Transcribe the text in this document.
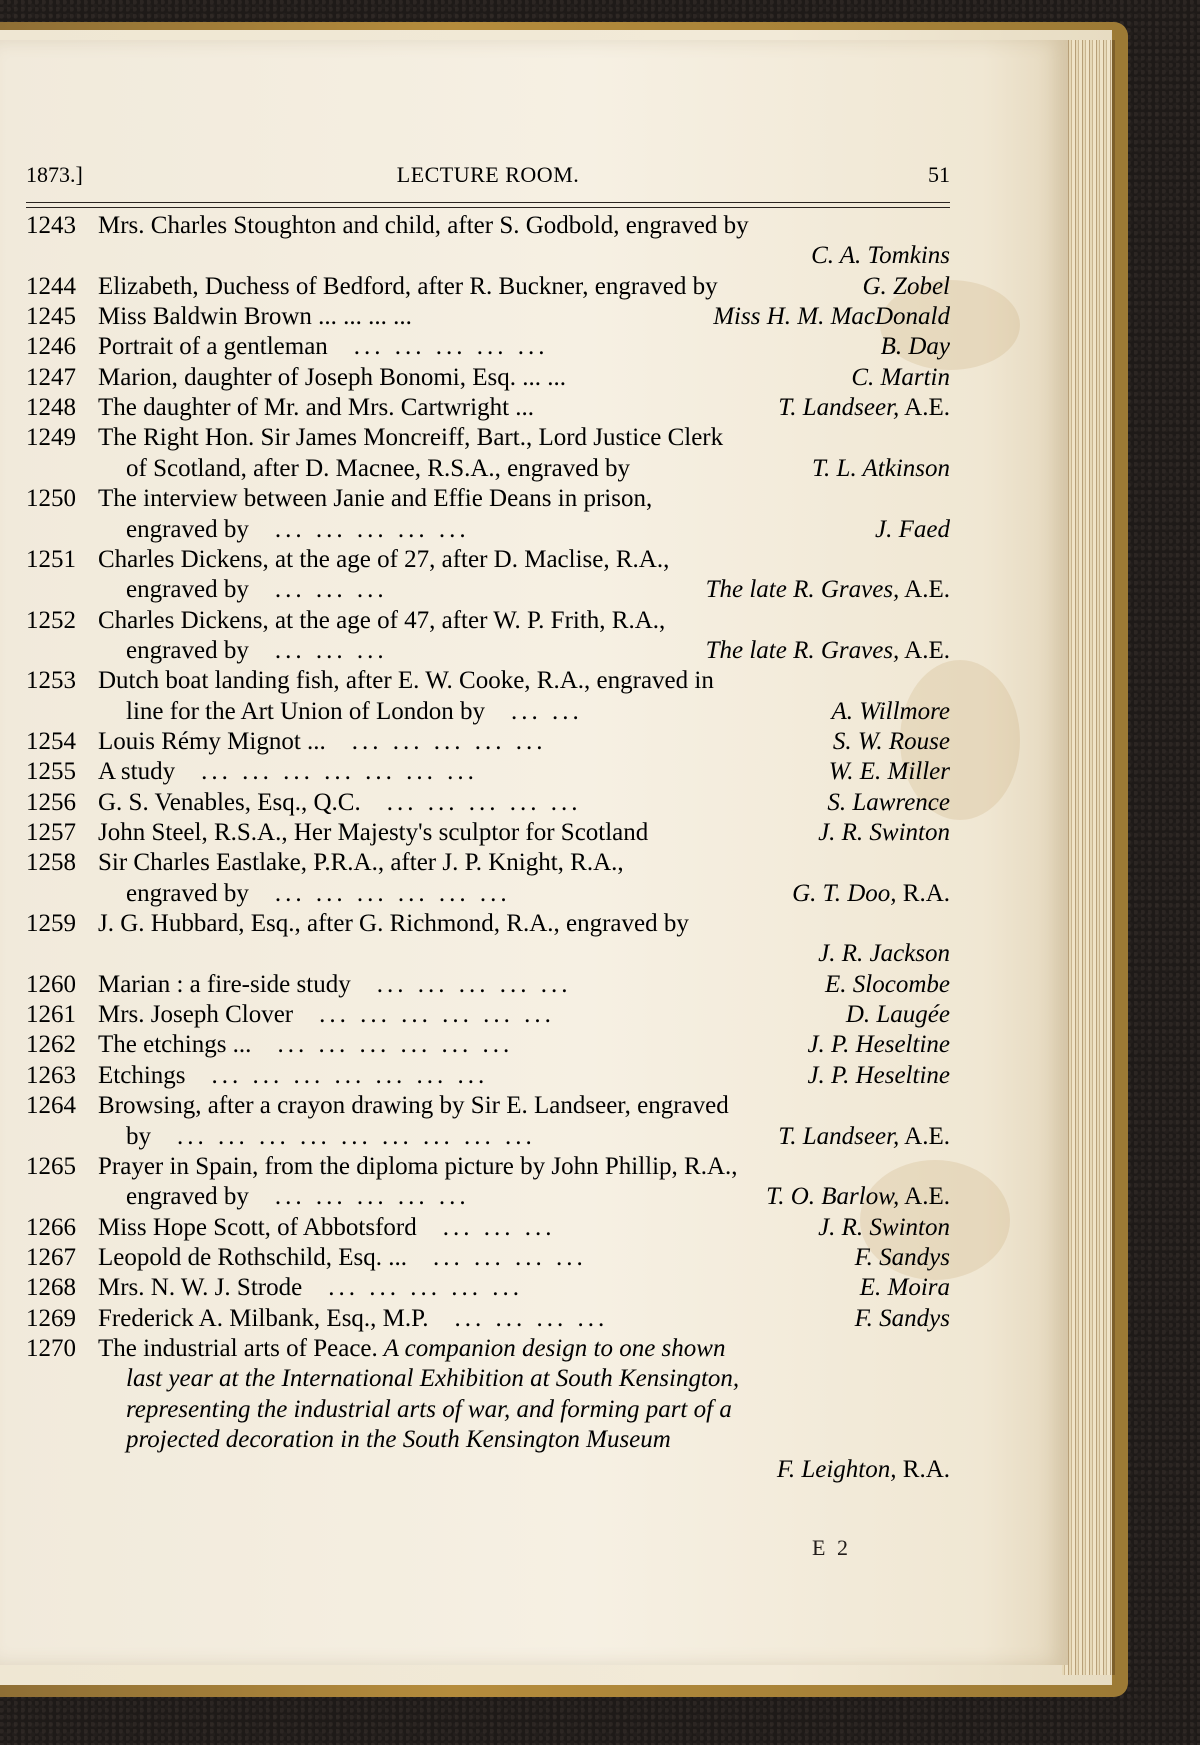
1873.]	LECTURE ROOM.	51
1243 Mrs. Charles Stoughton and child, after S. Godbold, engraved by
C. A. Tomkins
1244 Elizabeth, Duchess of Bedford, after R. Buckner, engraved by	G. Zobel
1245 Miss Baldwin Brown ... ... ... ...	Miss H. M. MacDonald
1246 Portrait of a gentleman ... ... ... ... ...	B. Day
1247 Marion, daughter of Joseph Bonomi, Esq. ... ...	C. Martin
1248 The daughter of Mr. and Mrs. Cartwright ...	T. Landseer, A.E.
1249 The Right Hon. Sir James Moncreiff, Bart., Lord Justice Clerk
of Scotland, after D. Macnee, R.S.A., engraved by	T. L. Atkinson
1250 The interview between Janie and Effie Deans in prison,
engraved by ... ... ... ... ...	J. Faed
1251 Charles Dickens, at the age of 27, after D. Maclise, R.A.,
engraved by ... ... ...	The late R. Graves, A.E.
1252 Charles Dickens, at the age of 47, after W. P. Frith, R.A.,
engraved by ... ... ...	The late R. Graves, A.E.
1253 Dutch boat landing fish, after E. W. Cooke, R.A., engraved in
line for the Art Union of London by ... ...	A. Willmore
1254 Louis Rémy Mignot ... ... ... ... ... ...	S. W. Rouse
1255 A study ... ... ... ... ... ... ...	W. E. Miller
1256 G. S. Venables, Esq., Q.C. ... ... ... ... ...	S. Lawrence
1257 John Steel, R.S.A., Her Majesty's sculptor for Scotland	J. R. Swinton
1258 Sir Charles Eastlake, P.R.A., after J. P. Knight, R.A.,
engraved by ... ... ... ... ... ...	G. T. Doo, R.A.
1259 J. G. Hubbard, Esq., after G. Richmond, R.A., engraved by
J. R. Jackson
1260 Marian : a fire-side study ... ... ... ... ...	E. Slocombe
1261 Mrs. Joseph Clover ... ... ... ... ... ...	D. Laugée
1262 The etchings ... ... ... ... ... ... ...	J. P. Heseltine
1263 Etchings ... ... ... ... ... ... ...	J. P. Heseltine
1264 Browsing, after a crayon drawing by Sir E. Landseer, engraved
by ... ... ... ... ... ... ... ... ...	T. Landseer, A.E.
1265 Prayer in Spain, from the diploma picture by John Phillip, R.A.,
engraved by ... ... ... ... ...	T. O. Barlow, A.E.
1266 Miss Hope Scott, of Abbotsford ... ... ...	J. R. Swinton
1267 Leopold de Rothschild, Esq. ... ... ... ... ...	F. Sandys
1268 Mrs. N. W. J. Strode ... ... ... ... ...	E. Moira
1269 Frederick A. Milbank, Esq., M.P. ... ... ... ...	F. Sandys
1270 The industrial arts of Peace. A companion design to one shown
last year at the International Exhibition at South Kensington,
representing the industrial arts of war, and forming part of a
projected decoration in the South Kensington Museum
F. Leighton, R.A.
E 2
